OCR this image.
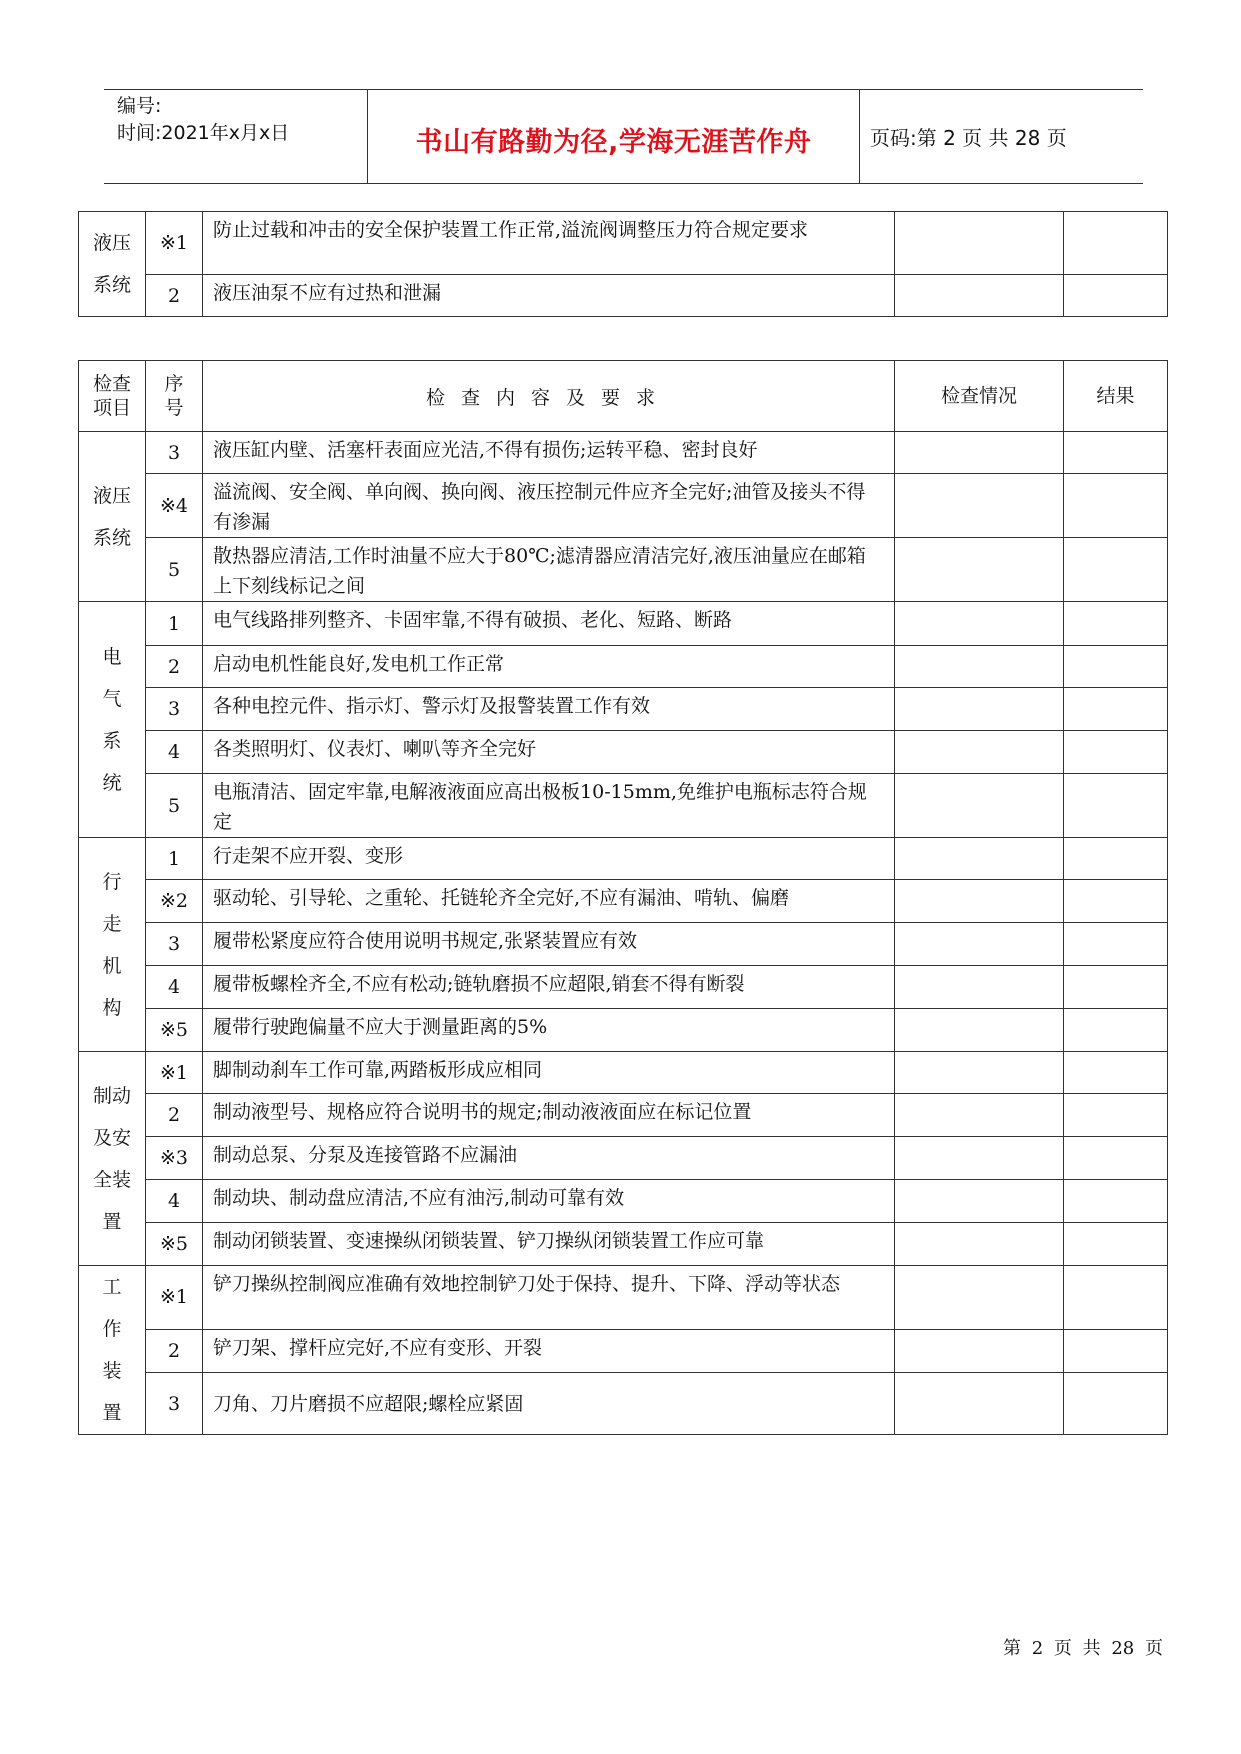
编号:
时间:2021年x月x日	书山有路勤为径,学海无涯苦作舟	页码:第 2 页 共 28 页
液压系统	※1	防止过载和冲击的安全保护装置工作正常,溢流阀调整压力符合规定要求		
	2	液压油泵不应有过热和泄漏		
检查项目	序号	检查内容及要求	检查情况	结果
液压系统	3	液压缸内壁、活塞杆表面应光洁,不得有损伤;运转平稳、密封良好		
	※4	溢流阀、安全阀、单向阀、换向阀、液压控制元件应齐全完好;油管及接头不得有渗漏		
	5	散热器应清洁,工作时油量不应大于80℃;滤清器应清洁完好,液压油量应在邮箱上下刻线标记之间		
电气系统	1	电气线路排列整齐、卡固牢靠,不得有破损、老化、短路、断路		
	2	启动电机性能良好,发电机工作正常		
	3	各种电控元件、指示灯、警示灯及报警装置工作有效		
	4	各类照明灯、仪表灯、喇叭等齐全完好		
	5	电瓶清洁、固定牢靠,电解液液面应高出极板10-15mm,免维护电瓶标志符合规定		
行走机构	1	行走架不应开裂、变形		
	※2	驱动轮、引导轮、之重轮、托链轮齐全完好,不应有漏油、啃轨、偏磨		
	3	履带松紧度应符合使用说明书规定,张紧装置应有效		
	4	履带板螺栓齐全,不应有松动;链轨磨损不应超限,销套不得有断裂		
	※5	履带行驶跑偏量不应大于测量距离的5%		
制动及安全装置	※1	脚制动刹车工作可靠,两踏板形成应相同		
	2	制动液型号、规格应符合说明书的规定;制动液液面应在标记位置		
	※3	制动总泵、分泵及连接管路不应漏油		
	4	制动块、制动盘应清洁,不应有油污,制动可靠有效		
	※5	制动闭锁装置、变速操纵闭锁装置、铲刀操纵闭锁装置工作应可靠		
工作装置	※1	铲刀操纵控制阀应准确有效地控制铲刀处于保持、提升、下降、浮动等状态		
	2	铲刀架、撑杆应完好,不应有变形、开裂		
	3	刀角、刀片磨损不应超限;螺栓应紧固		
第 2 页 共 28 页
